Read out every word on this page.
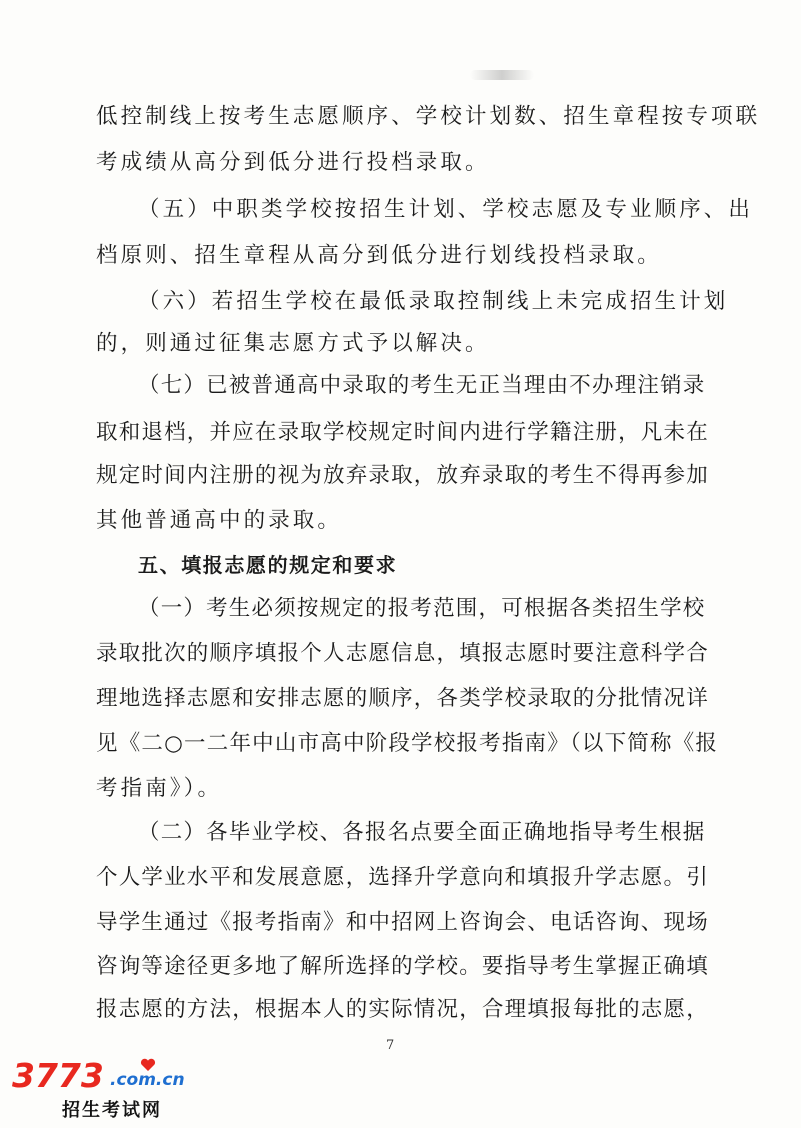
低控制线上按考生志愿顺序、学校计划数、招生章程按专项联
考成绩从高分到低分进行投档录取。
（五）中职类学校按招生计划、学校志愿及专业顺序、出
档原则、招生章程从高分到低分进行划线投档录取。
（六）若招生学校在最低录取控制线上未完成招生计划
的，则通过征集志愿方式予以解决。
（七）已被普通高中录取的考生无正当理由不办理注销录
取和退档，并应在录取学校规定时间内进行学籍注册，凡未在
规定时间内注册的视为放弃录取，放弃录取的考生不得再参加
其他普通高中的录取。
五、填报志愿的规定和要求
（一）考生必须按规定的报考范围，可根据各类招生学校
录取批次的顺序填报个人志愿信息，填报志愿时要注意科学合
理地选择志愿和安排志愿的顺序，各类学校录取的分批情况详
见《二○一二年中山市高中阶段学校报考指南》（以下简称《报
考指南》）。
（二）各毕业学校、各报名点要全面正确地指导考生根据
个人学业水平和发展意愿，选择升学意向和填报升学志愿。引
导学生通过《报考指南》和中招网上咨询会、电话咨询、现场
咨询等途径更多地了解所选择的学校。要指导考生掌握正确填
报志愿的方法，根据本人的实际情况，合理填报每批的志愿，
7
3773 .com.cn
招生考试网
